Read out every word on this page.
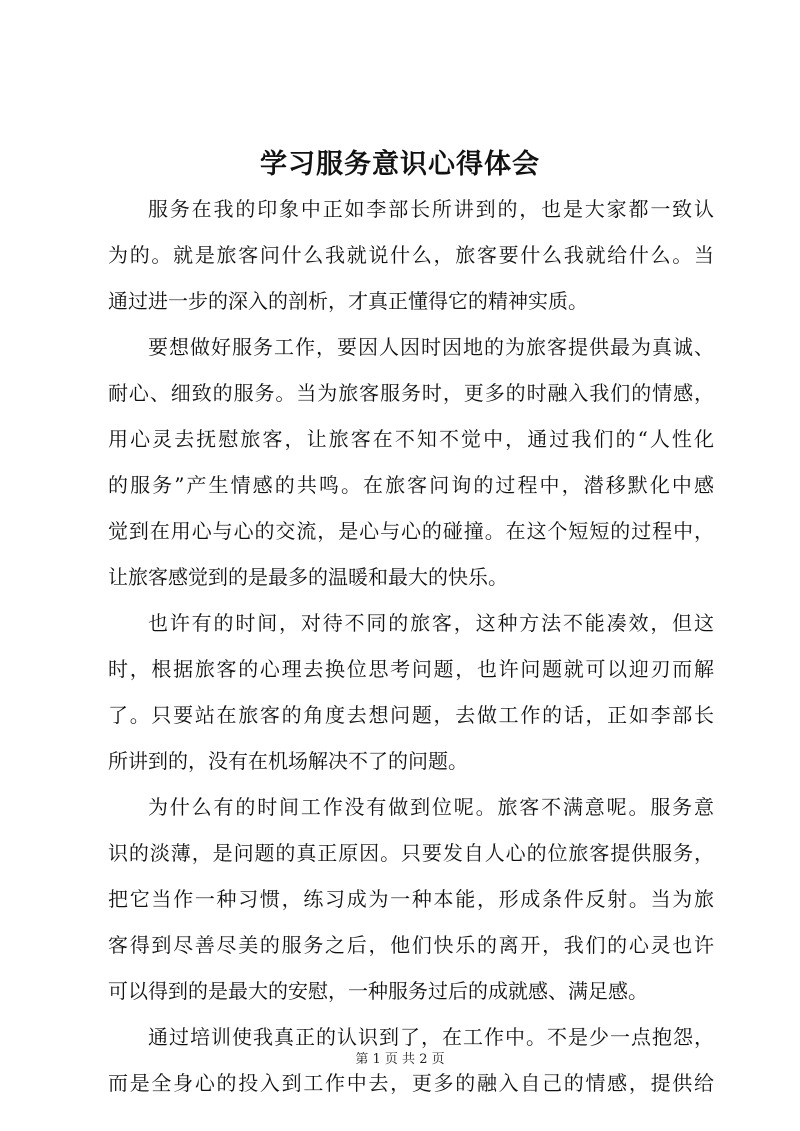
学习服务意识心得体会
服务在我的印象中正如李部长所讲到的，也是大家都一致认
为的。就是旅客问什么我就说什么，旅客要什么我就给什么。当
通过进一步的深入的剖析，才真正懂得它的精神实质。
要想做好服务工作，要因人因时因地的为旅客提供最为真诚、
耐心、细致的服务。当为旅客服务时，更多的时融入我们的情感，
用心灵去抚慰旅客，让旅客在不知不觉中，通过我们的“人性化
的服务”产生情感的共鸣。在旅客问询的过程中，潜移默化中感
觉到在用心与心的交流，是心与心的碰撞。在这个短短的过程中，
让旅客感觉到的是最多的温暖和最大的快乐。
也许有的时间，对待不同的旅客，这种方法不能凑效，但这
时，根据旅客的心理去换位思考问题，也许问题就可以迎刃而解
了。只要站在旅客的角度去想问题，去做工作的话，正如李部长
所讲到的，没有在机场解决不了的问题。
为什么有的时间工作没有做到位呢。旅客不满意呢。服务意
识的淡薄，是问题的真正原因。只要发自人心的位旅客提供服务，
把它当作一种习惯，练习成为一种本能，形成条件反射。当为旅
客得到尽善尽美的服务之后，他们快乐的离开，我们的心灵也许
可以得到的是最大的安慰，一种服务过后的成就感、满足感。
通过培训使我真正的认识到了，在工作中。不是少一点抱怨，
而是全身心的投入到工作中去，更多的融入自己的情感，提供给
第 1 页 共 2 页
